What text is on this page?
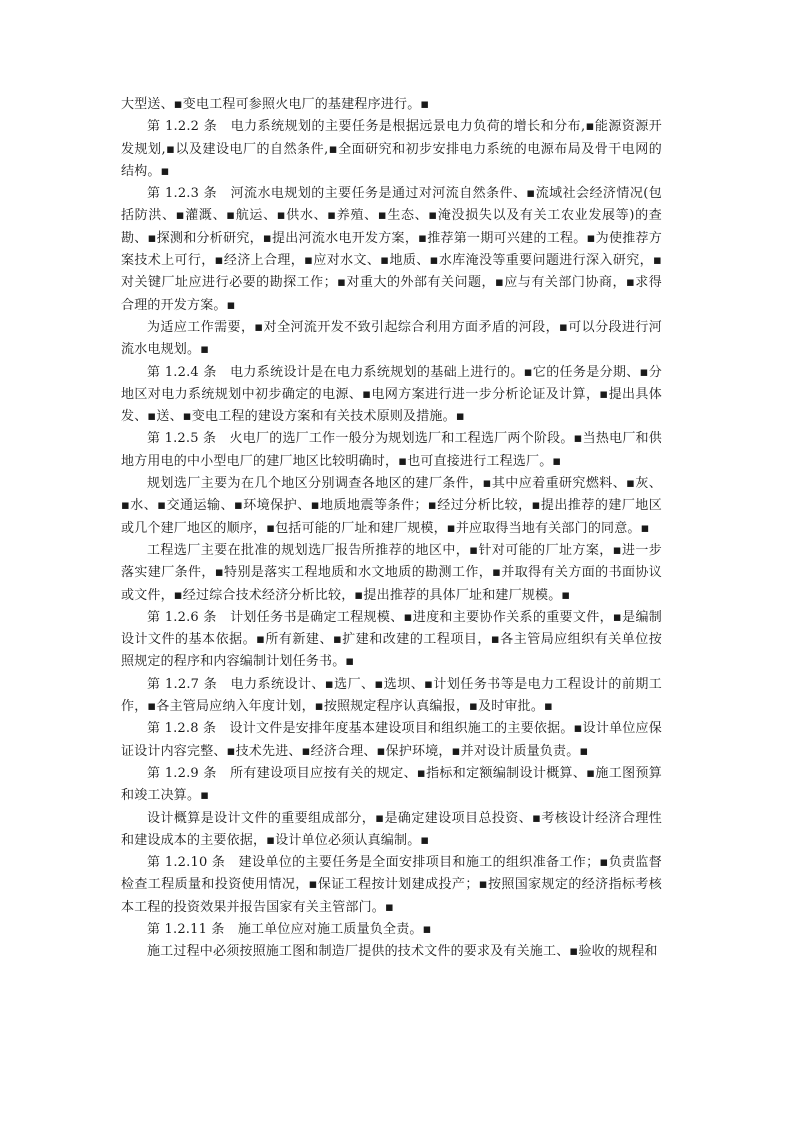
大型送、▪变电工程可参照火电厂的基建程序进行。▪

第 1.2.2 条　电力系统规划的主要任务是根据远景电力负荷的增长和分布,▪能源资源开发规划,▪以及建设电厂的自然条件,▪全面研究和初步安排电力系统的电源布局及骨干电网的结构。▪

第 1.2.3 条　河流水电规划的主要任务是通过对河流自然条件、▪流域社会经济情况(包括防洪、▪灌溉、▪航运、▪供水、▪养殖、▪生态、▪淹没损失以及有关工农业发展等)的查勘、▪探测和分析研究，▪提出河流水电开发方案，▪推荐第一期可兴建的工程。▪为使推荐方案技术上可行，▪经济上合理，▪应对水文、▪地质、▪水库淹没等重要问题进行深入研究，▪对关键厂址应进行必要的勘探工作；▪对重大的外部有关问题，▪应与有关部门协商，▪求得合理的开发方案。▪

为适应工作需要，▪对全河流开发不致引起综合利用方面矛盾的河段，▪可以分段进行河流水电规划。▪

第 1.2.4 条　电力系统设计是在电力系统规划的基础上进行的。▪它的任务是分期、▪分地区对电力系统规划中初步确定的电源、▪电网方案进行进一步分析论证及计算，▪提出具体发、▪送、▪变电工程的建设方案和有关技术原则及措施。▪

第 1.2.5 条　火电厂的选厂工作一般分为规划选厂和工程选厂两个阶段。▪当热电厂和供地方用电的中小型电厂的建厂地区比较明确时，▪也可直接进行工程选厂。▪

规划选厂主要为在几个地区分别调查各地区的建厂条件，▪其中应着重研究燃料、▪灰、▪水、▪交通运输、▪环境保护、▪地质地震等条件；▪经过分析比较，▪提出推荐的建厂地区或几个建厂地区的顺序，▪包括可能的厂址和建厂规模，▪并应取得当地有关部门的同意。▪

工程选厂主要在批准的规划选厂报告所推荐的地区中，▪针对可能的厂址方案，▪进一步落实建厂条件，▪特别是落实工程地质和水文地质的勘测工作，▪并取得有关方面的书面协议或文件，▪经过综合技术经济分析比较，▪提出推荐的具体厂址和建厂规模。▪

第 1.2.6 条　计划任务书是确定工程规模、▪进度和主要协作关系的重要文件，▪是编制设计文件的基本依据。▪所有新建、▪扩建和改建的工程项目，▪各主管局应组织有关单位按照规定的程序和内容编制计划任务书。▪

第 1.2.7 条　电力系统设计、▪选厂、▪选坝、▪计划任务书等是电力工程设计的前期工作，▪各主管局应纳入年度计划，▪按照规定程序认真编报，▪及时审批。▪

第 1.2.8 条　设计文件是安排年度基本建设项目和组织施工的主要依据。▪设计单位应保证设计内容完整、▪技术先进、▪经济合理、▪保护环境，▪并对设计质量负责。▪

第 1.2.9 条　所有建设项目应按有关的规定、▪指标和定额编制设计概算、▪施工图预算和竣工决算。▪

设计概算是设计文件的重要组成部分，▪是确定建设项目总投资、▪考核设计经济合理性和建设成本的主要依据，▪设计单位必须认真编制。▪

第 1.2.10 条　建设单位的主要任务是全面安排项目和施工的组织准备工作；▪负责监督检查工程质量和投资使用情况，▪保证工程按计划建成投产；▪按照国家规定的经济指标考核本工程的投资效果并报告国家有关主管部门。▪

第 1.2.11 条　施工单位应对施工质量负全责。▪

施工过程中必须按照施工图和制造厂提供的技术文件的要求及有关施工、▪验收的规程和
